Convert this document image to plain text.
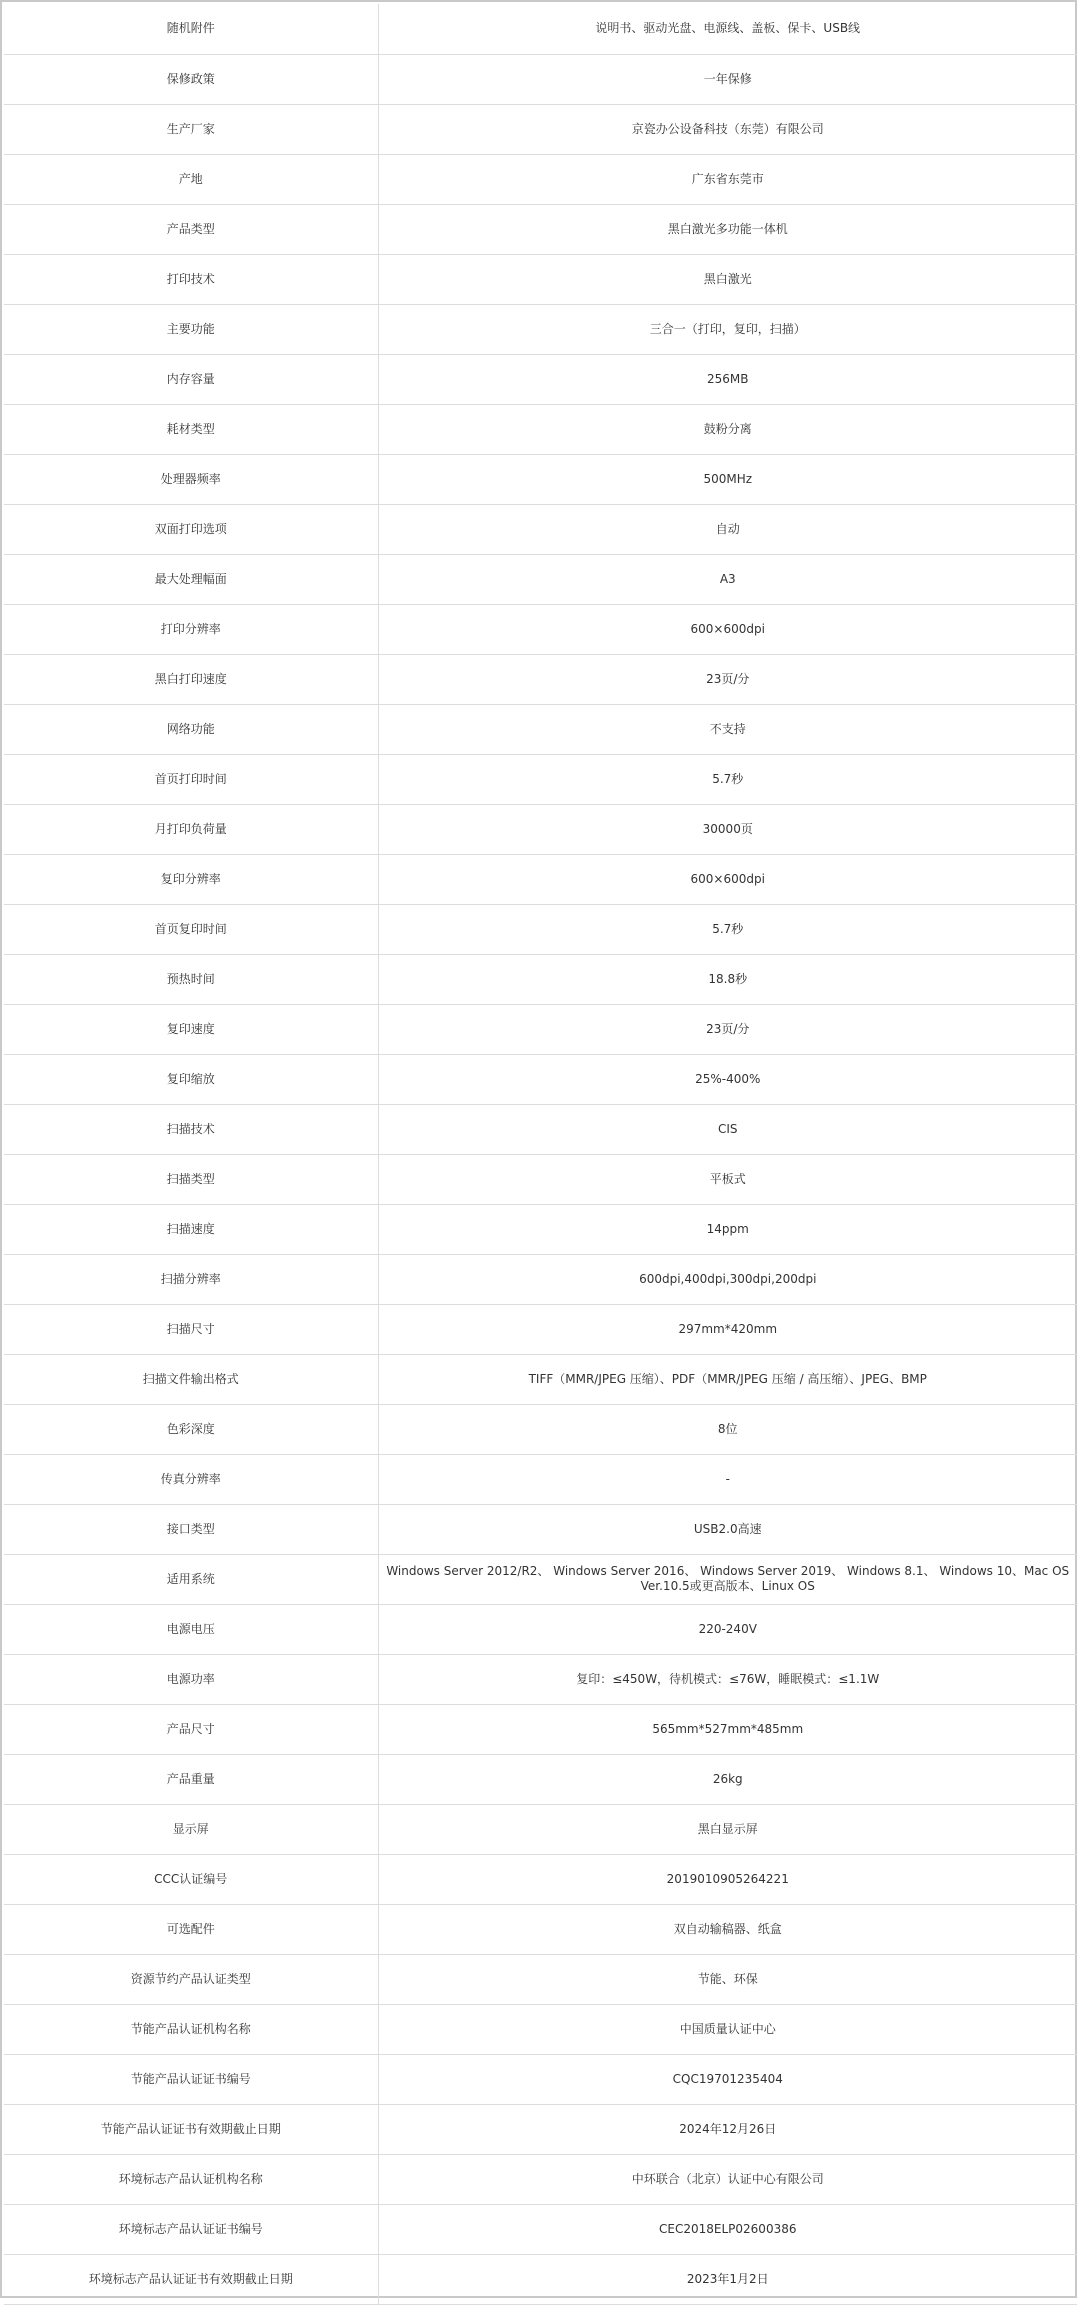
随机附件	说明书、驱动光盘、电源线、盖板、保卡、USB线
保修政策	一年保修
生产厂家	京瓷办公设备科技（东莞）有限公司
产地	广东省东莞市
产品类型	黑白激光多功能一体机
打印技术	黑白激光
主要功能	三合一（打印，复印，扫描）
内存容量	256MB
耗材类型	鼓粉分离
处理器频率	500MHz
双面打印选项	自动
最大处理幅面	A3
打印分辨率	600×600dpi
黑白打印速度	23页/分
网络功能	不支持
首页打印时间	5.7秒
月打印负荷量	30000页
复印分辨率	600×600dpi
首页复印时间	5.7秒
预热时间	18.8秒
复印速度	23页/分
复印缩放	25%-400%
扫描技术	CIS
扫描类型	平板式
扫描速度	14ppm
扫描分辨率	600dpi,400dpi,300dpi,200dpi
扫描尺寸	297mm*420mm
扫描文件输出格式	TIFF（MMR/JPEG 压缩）、PDF（MMR/JPEG 压缩 / 高压缩）、JPEG、BMP
色彩深度	8位
传真分辨率	-
接口类型	USB2.0高速
适用系统	Windows Server 2012/R2、 Windows Server 2016、 Windows Server 2019、 Windows 8.1、 Windows 10、Mac OS Ver.10.5或更高版本、Linux OS
电源电压	220-240V
电源功率	复印：≤450W，待机模式：≤76W，睡眠模式：≤1.1W
产品尺寸	565mm*527mm*485mm
产品重量	26kg
显示屏	黑白显示屏
CCC认证编号	2019010905264221
可选配件	双自动输稿器、纸盒
资源节约产品认证类型	节能、环保
节能产品认证机构名称	中国质量认证中心
节能产品认证证书编号	CQC19701235404
节能产品认证证书有效期截止日期	2024年12月26日
环境标志产品认证机构名称	中环联合（北京）认证中心有限公司
环境标志产品认证证书编号	CEC2018ELP02600386
环境标志产品认证证书有效期截止日期	2023年1月2日
